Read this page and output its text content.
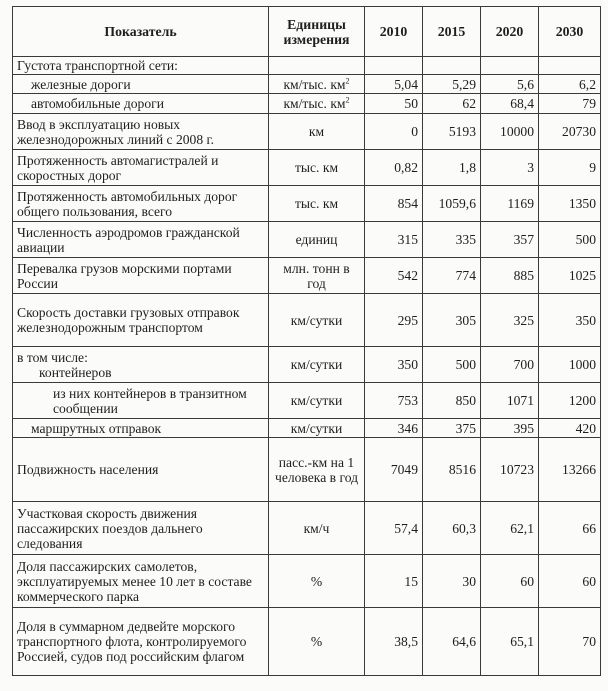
Показатель	Единицы измерения	2010	2015	2020	2030
Густота транспортной сети:					
железные дороги	км/тыс. $км^2$	5,04	5,29	5,6	6,2
автомобильные дороги	км/тыс. $км^2$	50	62	68,4	79
Ввод в эксплуатацию новых железнодорожных линий с 2008 г.	км	0	5193	10000	20730
Протяженность автомагистралей и скоростных дорог	тыс. км	0,82	1,8	3	9
Протяженность автомобильных дорог общего пользования, всего	тыс. км	854	1059,6	1169	1350
Численность аэродромов гражданской авиации	единиц	315	335	357	500
Перевалка грузов морскими портами России	млн. тонн в год	542	774	885	1025
Скорость доставки грузовых отправок железнодорожным транспортом	км/сутки	295	305	325	350

в том числе:
контейнеров	км/сутки	350	500	700	1000
из них контейнеров в транзитном сообщении	км/сутки	753	850	1071	1200
маршрутных отправок	км/сутки	346	375	395	420
Подвижность населения	пасс.-км на 1 человека в год	7049	8516	10723	13266
Участковая скорость движения пассажирских поездов дальнего следования	км/ч	57,4	60,3	62,1	66
Доля пассажирских самолетов, эксплуатируемых менее 10 лет в составе коммерческого парка	%	15	30	60	60
Доля в суммарном дедвейте морского транспортного флота, контролируемого Россией, судов под российским флагом	%	38,5	64,6	65,1	70
